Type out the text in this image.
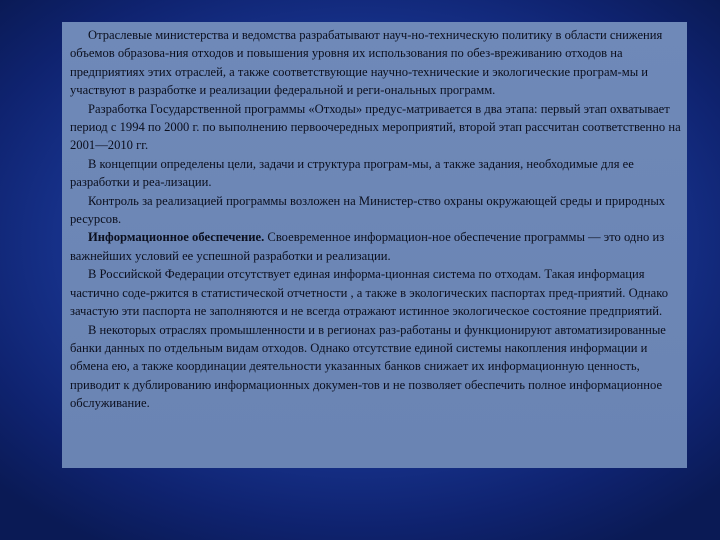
Отраслевые министерства и ведомства разрабатывают науч-но-техническую политику в области снижения объемов образова-ния отходов и повышения уровня их использования по обез-вреживанию отходов на предприятиях этих отраслей, а также соответствующие научно-технические и экологические програм-мы и участвуют в разработке и реализации федеральной и реги-ональных программ.

Разработка Государственной программы «Отходы» предус-матривается в два этапа: первый этап охватывает период с 1994 по 2000 г. по выполнению первоочередных мероприятий, второй этап рассчитан соответственно на 2001—2010 гг.

В концепции определены цели, задачи и структура програм-мы, а также задания, необходимые для ее разработки и реа-лизации.

Контроль за реализацией программы возложен на Министер-ство охраны окружающей среды и природных ресурсов.

Информационное обеспечение. Своевременное информацион-ное обеспечение программы — это одно из важнейших условий ее успешной разработки и реализации.

В Российской Федерации отсутствует единая информа-ционная система по отходам. Такая информация частично соде-ржится в статистической отчетности , а также в экологических паспортах пред-приятий. Однако зачастую эти паспорта не заполняются и не всегда отражают истинное экологическое состояние предприятий.

В некоторых отраслях промышленности и в регионах раз-работаны и функционируют автоматизированные банки данных по отдельным видам отходов. Однако отсутствие единой системы накопления информации и обмена ею, а также координации деятельности указанных банков снижает их информационную ценность, приводит к дублированию информационных докумен-тов и не позволяет обеспечить полное информационное обслуживание.
